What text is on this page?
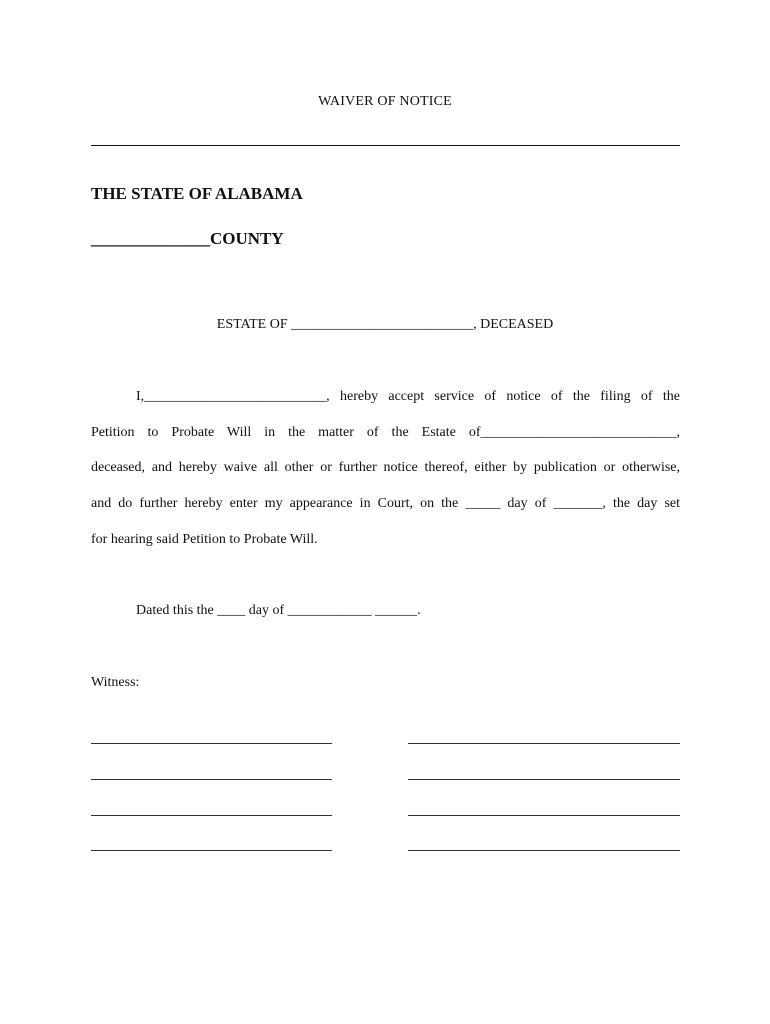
WAIVER OF NOTICE
THE STATE OF ALABAMA
______________COUNTY
ESTATE OF __________________________, DECEASED
I,__________________________, hereby accept service of notice of the filing of the
Petition to Probate Will in the matter of the Estate of____________________________,
deceased, and hereby waive all other or further notice thereof, either by publication or otherwise,
and do further hereby enter my appearance in Court, on the _____ day of _______, the day set
for hearing said Petition to Probate Will.
Dated this the ____ day of ____________ ______.
Witness:
